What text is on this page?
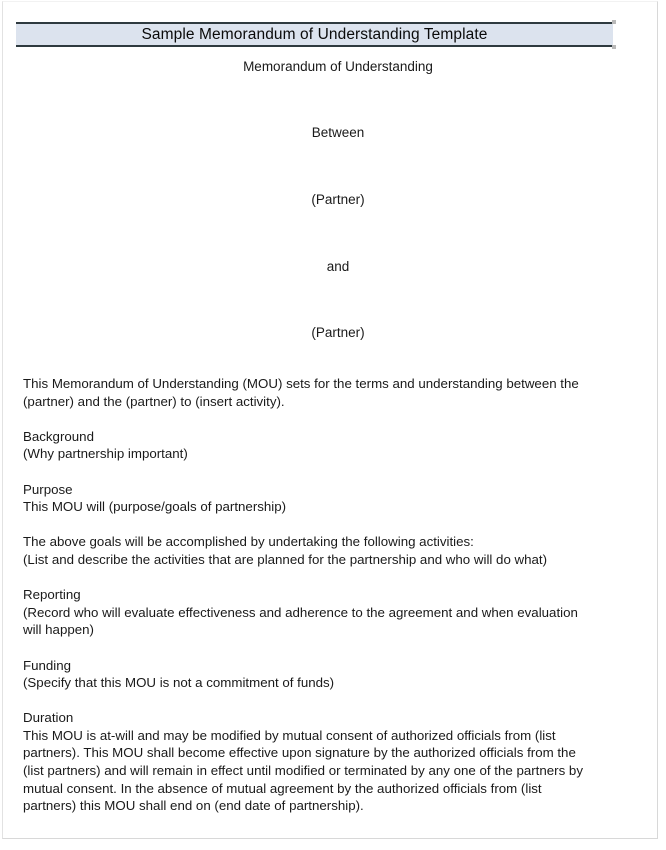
Sample Memorandum of Understanding Template
Memorandum of Understanding
Between
(Partner)
and
(Partner)

This Memorandum of Understanding (MOU) sets for the terms and understanding between the
(partner) and the (partner) to (insert activity).

Background
(Why partnership important)

Purpose
This MOU will (purpose/goals of partnership)

The above goals will be accomplished by undertaking the following activities:
(List and describe the activities that are planned for the partnership and who will do what)

Reporting
(Record who will evaluate effectiveness and adherence to the agreement and when evaluation
will happen)

Funding
(Specify that this MOU is not a commitment of funds)

Duration
This MOU is at-will and may be modified by mutual consent of authorized officials from (list
partners). This MOU shall become effective upon signature by the authorized officials from the
(list partners) and will remain in effect until modified or terminated by any one of the partners by
mutual consent. In the absence of mutual agreement by the authorized officials from (list
partners) this MOU shall end on (end date of partnership).
